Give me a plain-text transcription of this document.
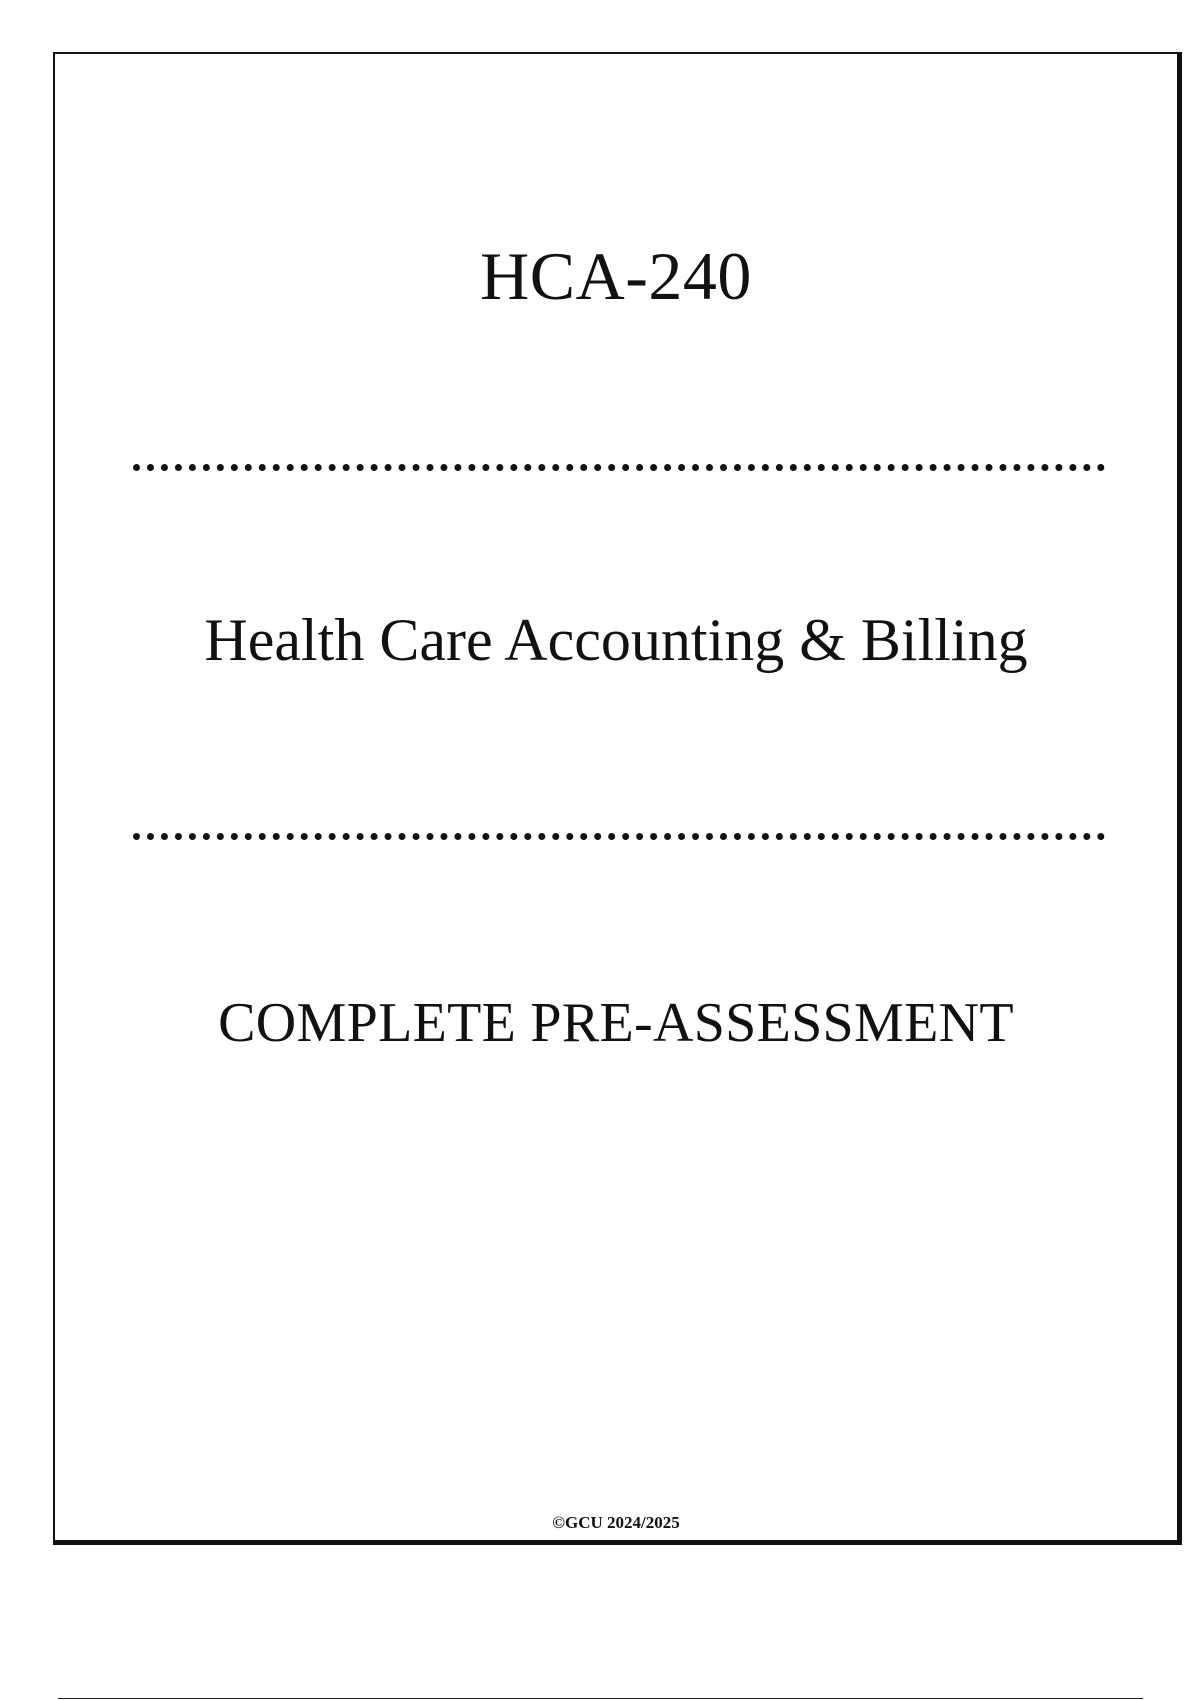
HCA-240
Health Care Accounting & Billing
COMPLETE PRE-ASSESSMENT
©GCU 2024/2025
